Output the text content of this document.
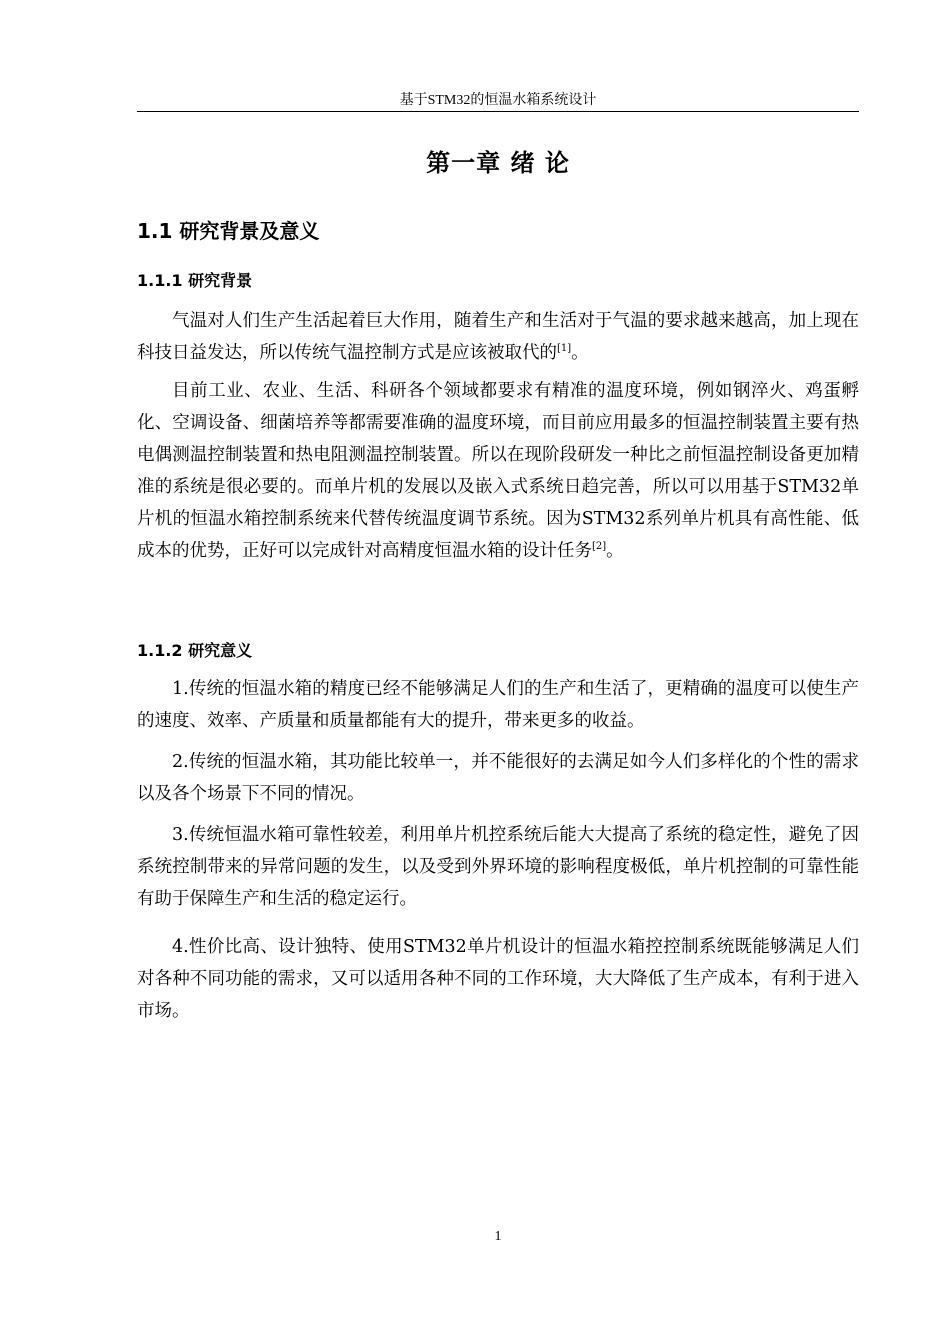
基于STM32的恒温水箱系统设计
第一章 绪 论
1.1 研究背景及意义
1.1.1 研究背景

气温对人们生产生活起着巨大作用，随着生产和生活对于气温的要求越来越高，加上现在科技日益发达，所以传统气温控制方式是应该被取代的[1]。

目前工业、农业、生活、科研各个领域都要求有精准的温度环境，例如钢淬火、鸡蛋孵化、空调设备、细菌培养等都需要准确的温度环境，而目前应用最多的恒温控制装置主要有热电偶测温控制装置和热电阻测温控制装置。所以在现阶段研发一种比之前恒温控制设备更加精准的系统是很必要的。而单片机的发展以及嵌入式系统日趋完善，所以可以用基于STM32单片机的恒温水箱控制系统来代替传统温度调节系统。因为STM32系列单片机具有高性能、低成本的优势，正好可以完成针对高精度恒温水箱的设计任务[2]。

1.1.2 研究意义

1.传统的恒温水箱的精度已经不能够满足人们的生产和生活了，更精确的温度可以使生产的速度、效率、产质量和质量都能有大的提升，带来更多的收益。

2.传统的恒温水箱，其功能比较单一，并不能很好的去满足如今人们多样化的个性的需求以及各个场景下不同的情况。

3.传统恒温水箱可靠性较差，利用单片机控系统后能大大提高了系统的稳定性，避免了因系统控制带来的异常问题的发生，以及受到外界环境的影响程度极低，单片机控制的可靠性能有助于保障生产和生活的稳定运行。

4.性价比高、设计独特、使用STM32单片机设计的恒温水箱控控制系统既能够满足人们对各种不同功能的需求，又可以适用各种不同的工作环境，大大降低了生产成本，有利于进入市场。

1
